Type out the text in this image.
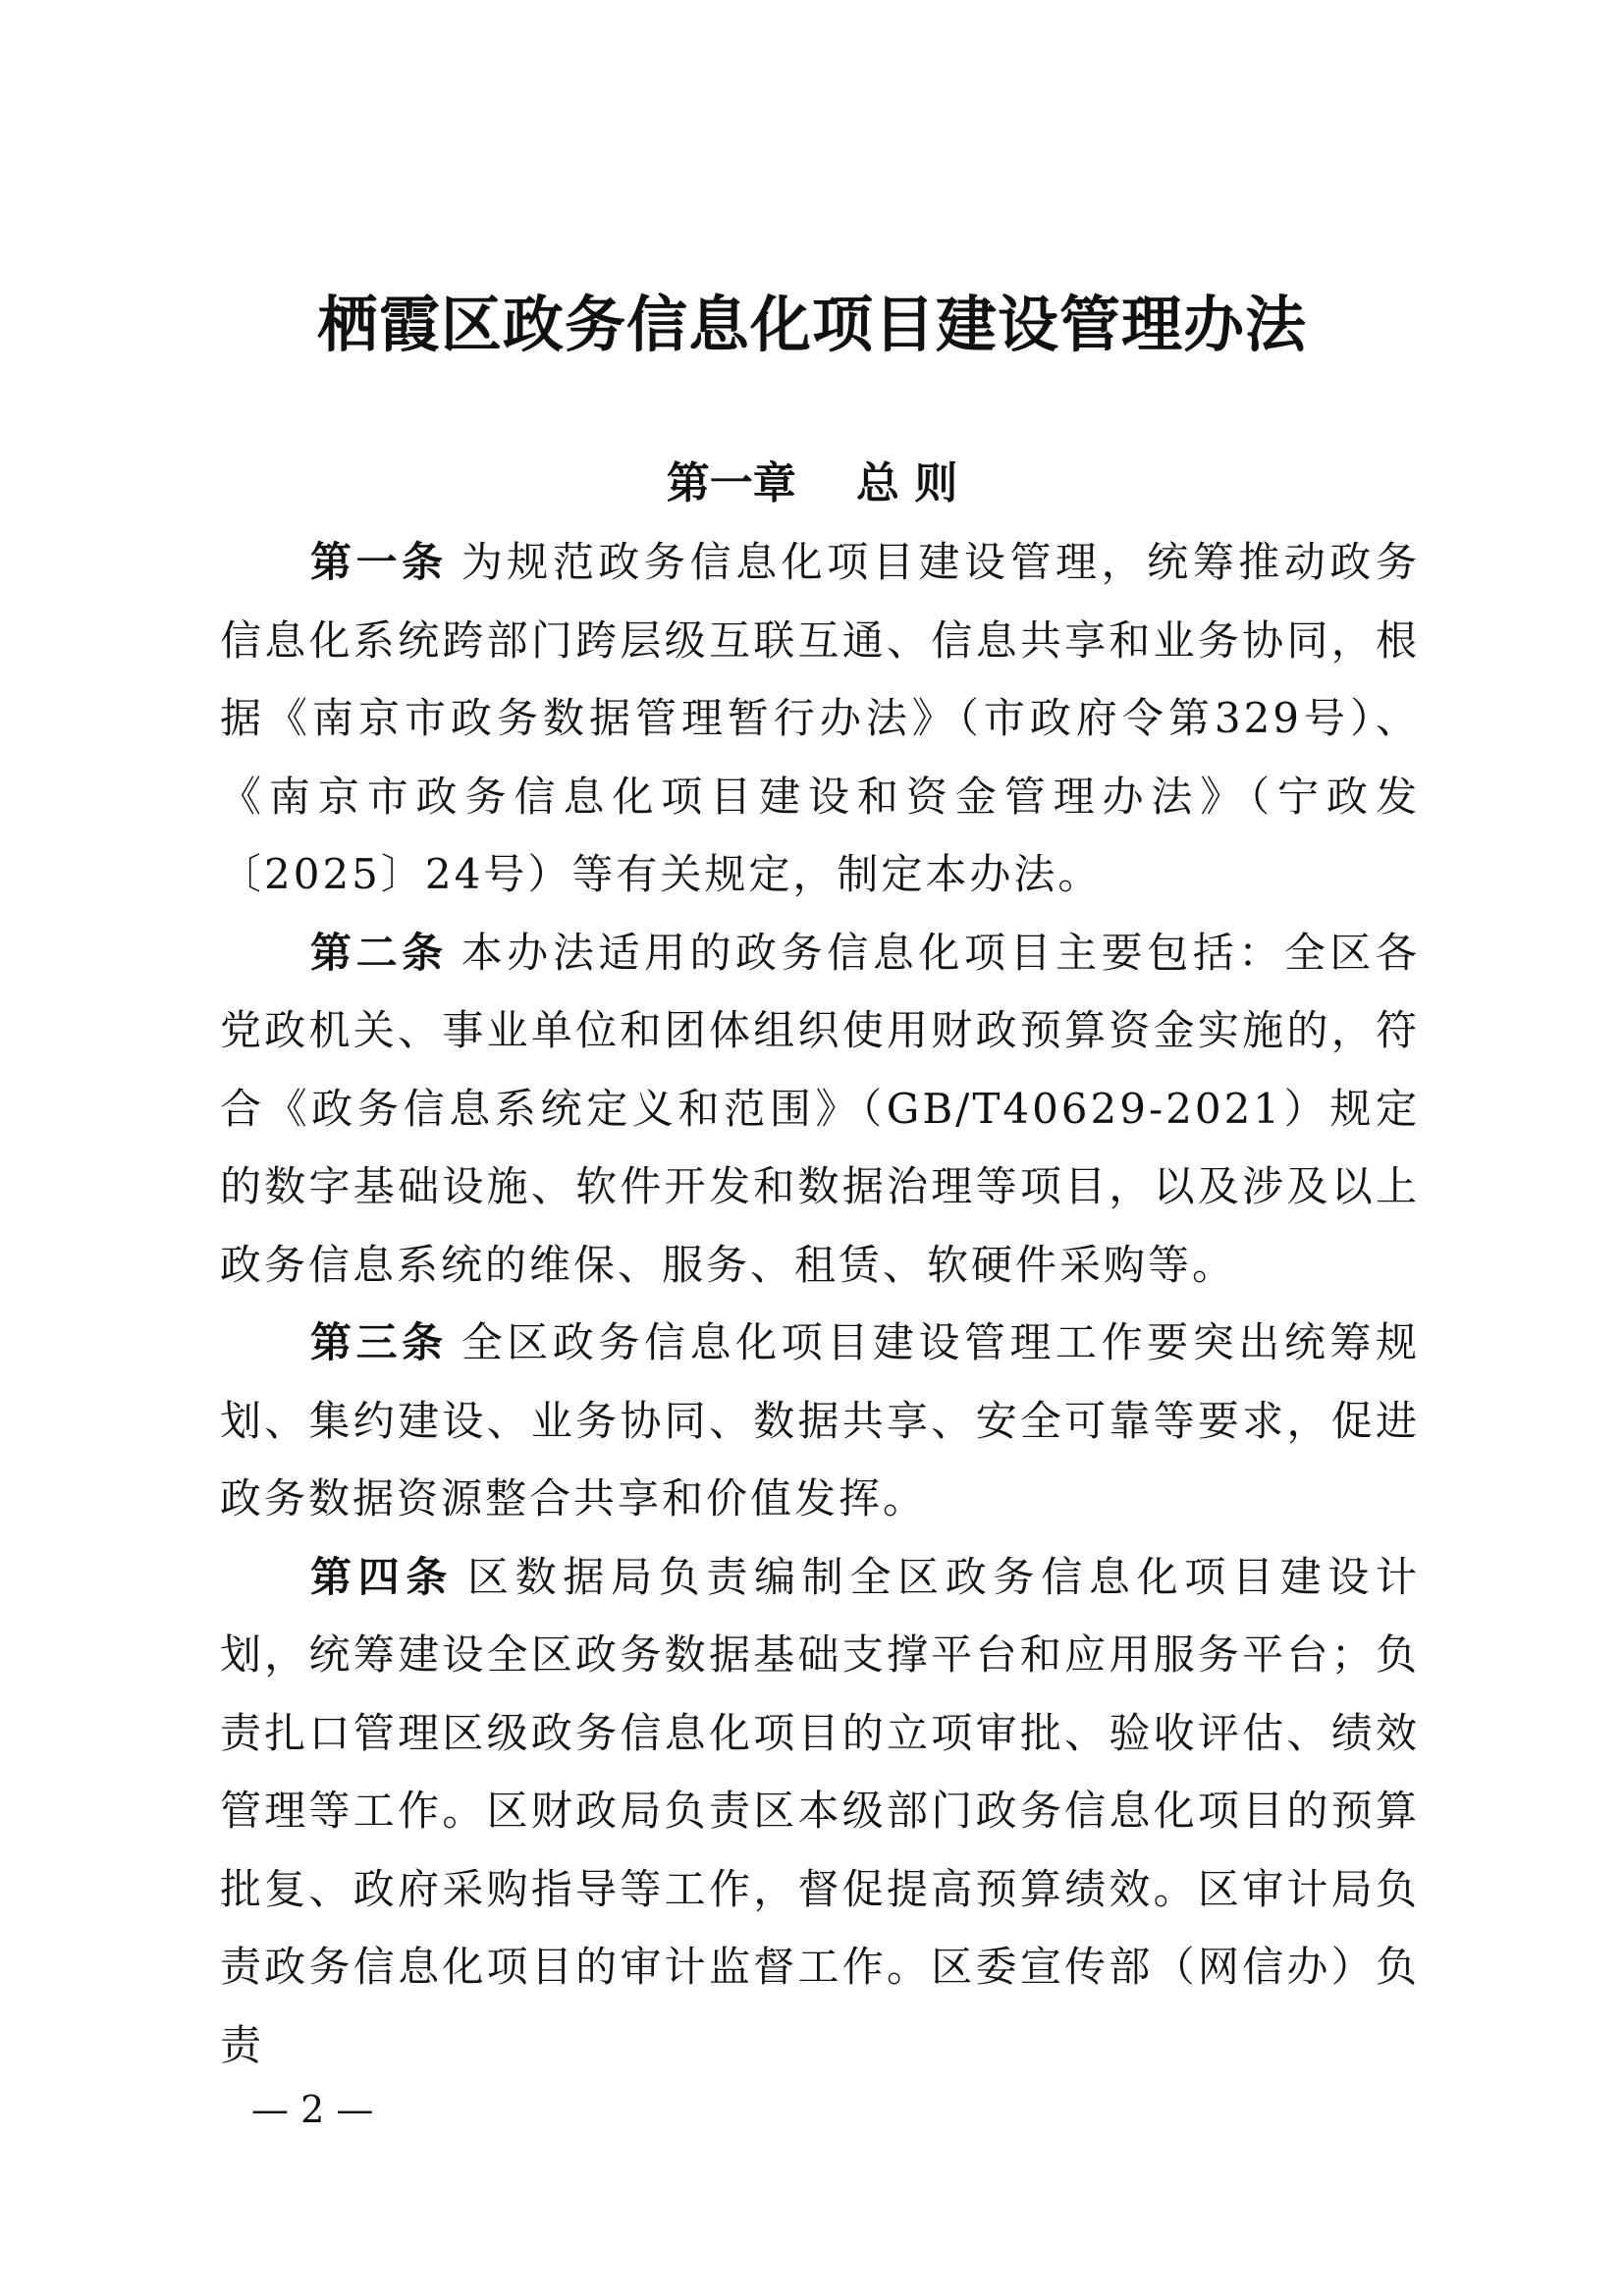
栖霞区政务信息化项目建设管理办法
第一章    总 则

第一条 为规范政务信息化项目建设管理，统筹推动政务信息化系统跨部门跨层级互联互通、信息共享和业务协同，根据《南京市政务数据管理暂行办法》（市政府令第329号）、《南京市政务信息化项目建设和资金管理办法》（宁政发〔2025〕24号）等有关规定，制定本办法。

第二条 本办法适用的政务信息化项目主要包括：全区各党政机关、事业单位和团体组织使用财政预算资金实施的，符合《政务信息系统定义和范围》（GB/T40629-2021）规定的数字基础设施、软件开发和数据治理等项目，以及涉及以上政务信息系统的维保、服务、租赁、软硬件采购等。

第三条 全区政务信息化项目建设管理工作要突出统筹规划、集约建设、业务协同、数据共享、安全可靠等要求，促进政务数据资源整合共享和价值发挥。

第四条 区数据局负责编制全区政务信息化项目建设计划，统筹建设全区政务数据基础支撑平台和应用服务平台；负责扎口管理区级政务信息化项目的立项审批、验收评估、绩效管理等工作。区财政局负责区本级部门政务信息化项目的预算批复、政府采购指导等工作，督促提高预算绩效。区审计局负责政务信息化项目的审计监督工作。区委宣传部（网信办）负责

— 2 —
